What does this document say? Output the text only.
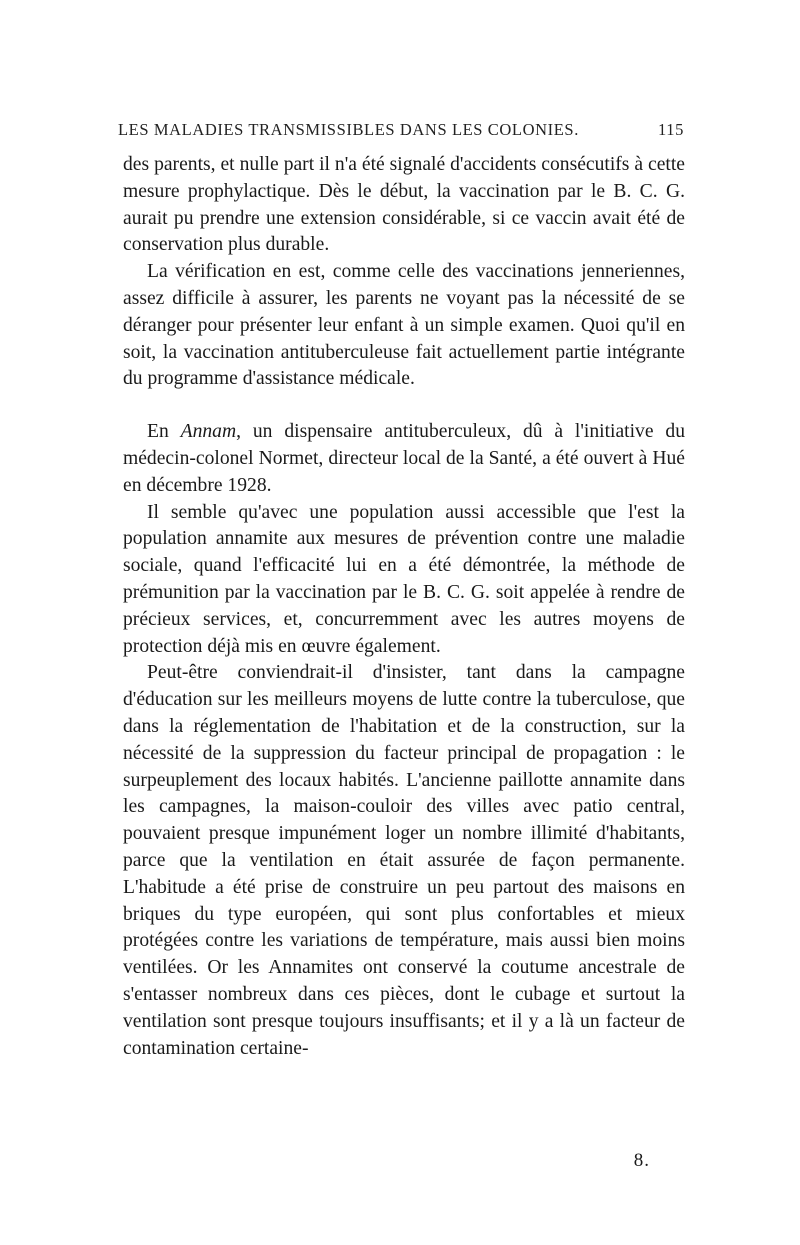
LES MALADIES TRANSMISSIBLES DANS LES COLONIES.	115

des parents, et nulle part il n'a été signalé d'accidents consécutifs à cette mesure prophylactique. Dès le début, la vaccination par le B. C. G. aurait pu prendre une extension considérable, si ce vaccin avait été de conservation plus durable.

La vérification en est, comme celle des vaccinations jenneriennes, assez difficile à assurer, les parents ne voyant pas la nécessité de se déranger pour présenter leur enfant à un simple examen. Quoi qu'il en soit, la vaccination antituberculeuse fait actuellement partie intégrante du programme d'assistance médicale.

En Annam, un dispensaire antituberculeux, dû à l'initiative du médecin-colonel Normet, directeur local de la Santé, a été ouvert à Hué en décembre 1928.

Il semble qu'avec une population aussi accessible que l'est la population annamite aux mesures de prévention contre une maladie sociale, quand l'efficacité lui en a été démontrée, la méthode de prémunition par la vaccination par le B. C. G. soit appelée à rendre de précieux services, et, concurremment avec les autres moyens de protection déjà mis en œuvre également.

Peut-être conviendrait-il d'insister, tant dans la campagne d'éducation sur les meilleurs moyens de lutte contre la tuberculose, que dans la réglementation de l'habitation et de la construction, sur la nécessité de la suppression du facteur principal de propagation : le surpeuplement des locaux habités. L'ancienne paillotte annamite dans les campagnes, la maison-couloir des villes avec patio central, pouvaient presque impunément loger un nombre illimité d'habitants, parce que la ventilation en était assurée de façon permanente. L'habitude a été prise de construire un peu partout des maisons en briques du type européen, qui sont plus confortables et mieux protégées contre les variations de température, mais aussi bien moins ventilées. Or les Annamites ont conservé la coutume ancestrale de s'entasser nombreux dans ces pièces, dont le cubage et surtout la ventilation sont presque toujours insuffisants; et il y a là un facteur de contamination certaine-

8.
